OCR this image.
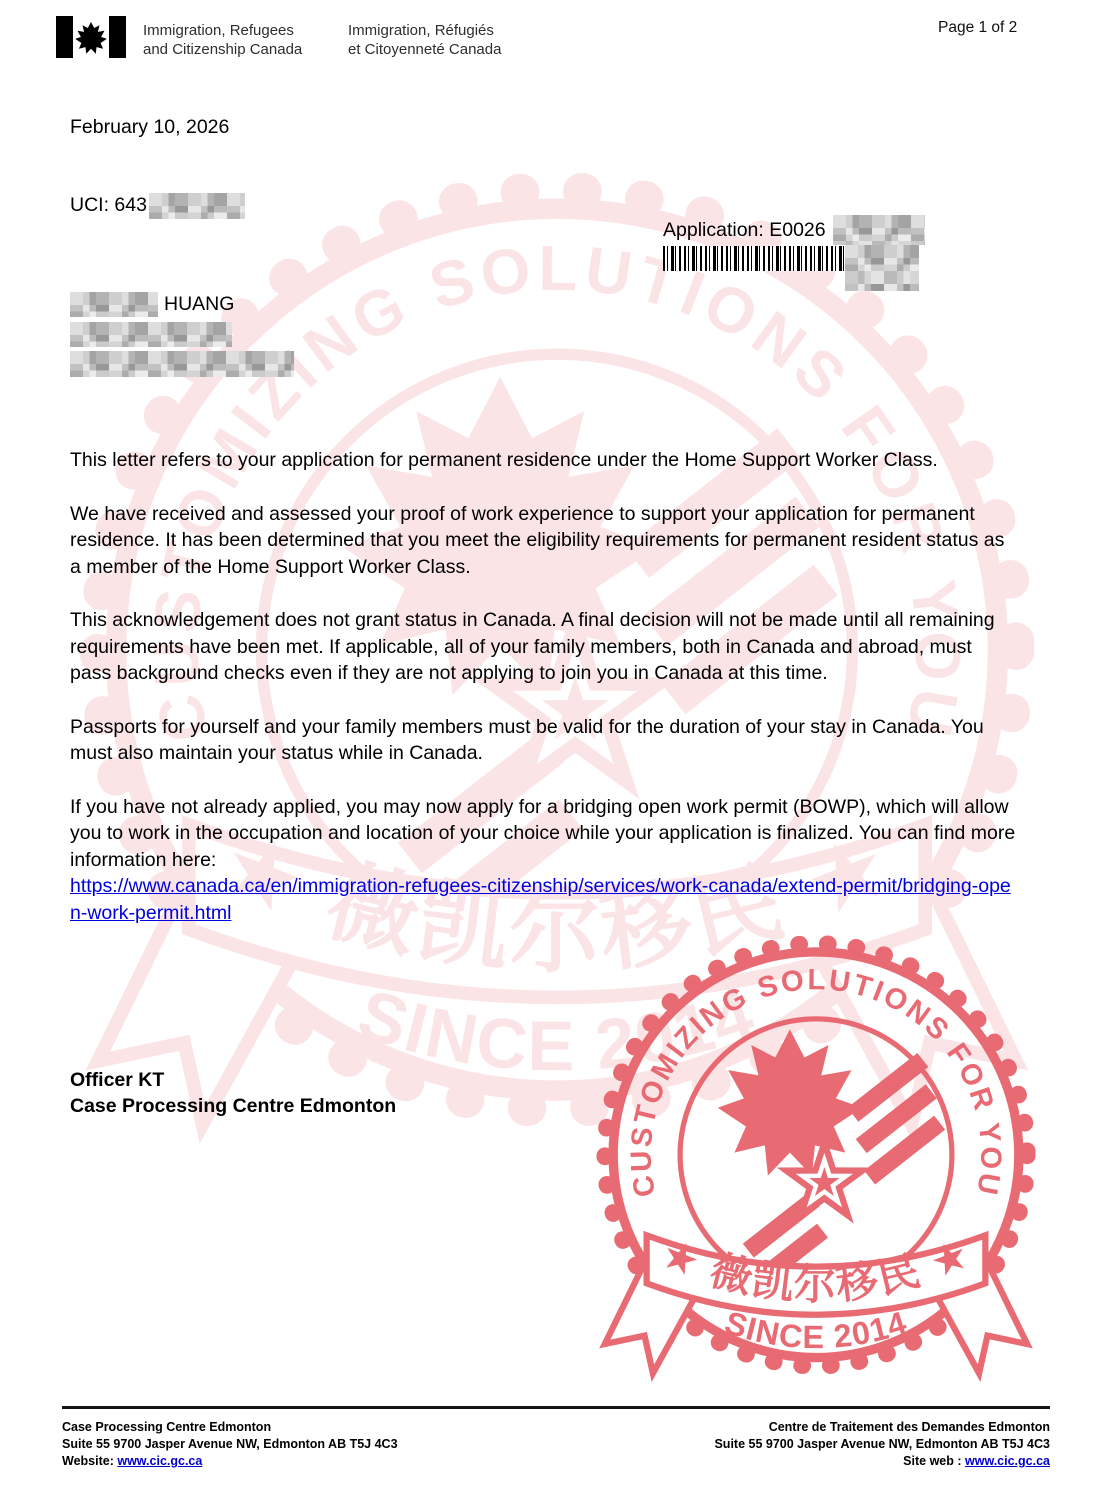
Immigration, Refugees
and Citizenship Canada
Immigration, Réfugiés
et Citoyenneté Canada
Page 1 of 2
February 10, 2026
UCI: 643
Application: E0026
HUANG

This letter refers to your application for permanent residence under the Home Support Worker Class.

We have received and assessed your proof of work experience to support your application for permanent residence. It has been determined that you meet the eligibility requirements for permanent resident status as a member of the Home Support Worker Class.

This acknowledgement does not grant status in Canada. A final decision will not be made until all remaining requirements have been met. If applicable, all of your family members, both in Canada and abroad, must pass background checks even if they are not applying to join you in Canada at this time.

Passports for yourself and your family members must be valid for the duration of your stay in Canada. You must also maintain your status while in Canada.

If you have not already applied, you may now apply for a bridging open work permit (BOWP), which will allow you to work in the occupation and location of your choice while your application is finalized. You can find more information here:

https://www.canada.ca/en/immigration-refugees-citizenship/services/work-canada/extend-permit/bridging-open-work-permit.html
Officer KT
Case Processing Centre Edmonton
Case Processing Centre Edmonton
Suite 55 9700 Jasper Avenue NW, Edmonton AB T5J 4C3
Website: www.cic.gc.ca
Centre de Traitement des Demandes Edmonton
Suite 55 9700 Jasper Avenue NW, Edmonton AB T5J 4C3
Site web : www.cic.gc.ca
